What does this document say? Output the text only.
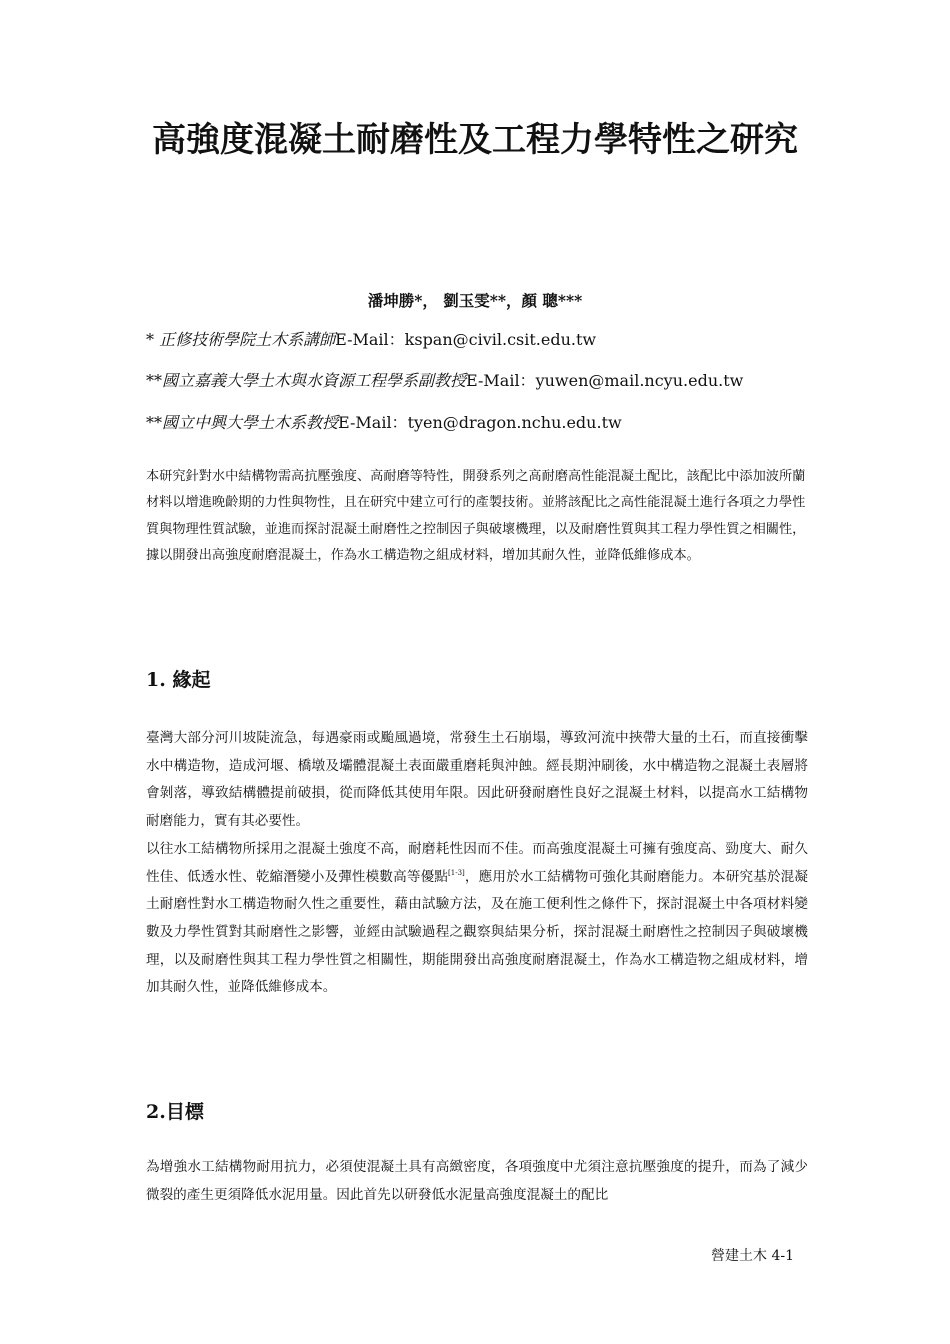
高強度混凝土耐磨性及工程力學特性之研究
潘坤勝*， 劉玉雯**，顏 聰***
* 正修技術學院土木系講師E-Mail：kspan@civil.csit.edu.tw
**國立嘉義大學土木與水資源工程學系副教授E-Mail：yuwen@mail.ncyu.edu.tw
**國立中興大學土木系教授E-Mail：tyen@dragon.nchu.edu.tw

本研究針對水中結構物需高抗壓強度、高耐磨等特性，開發系列之高耐磨高性能混凝土配比，該配比中添加波所蘭材料以增進晚齡期的力性與物性，且在研究中建立可行的產製技術。並將該配比之高性能混凝土進行各項之力學性質與物理性質試驗，並進而探討混凝土耐磨性之控制因子與破壞機理，以及耐磨性質與其工程力學性質之相關性，據以開發出高強度耐磨混凝土，作為水工構造物之組成材料，增加其耐久性，並降低維修成本。

1. 緣起

臺灣大部分河川坡陡流急，每遇豪雨或颱風過境，常發生土石崩塌，導致河流中挾帶大量的土石，而直接衝擊水中構造物，造成河堰、橋墩及壩體混凝土表面嚴重磨耗與沖蝕。經長期沖刷後，水中構造物之混凝土表層將會剝落，導致結構體提前破損，從而降低其使用年限。因此研發耐磨性良好之混凝土材料，以提高水工結構物耐磨能力，實有其必要性。

以往水工結構物所採用之混凝土強度不高，耐磨耗性因而不佳。而高強度混凝土可擁有強度高、勁度大、耐久性佳、低透水性、乾縮潛變小及彈性模數高等優點[1-3]，應用於水工結構物可強化其耐磨能力。本研究基於混凝土耐磨性對水工構造物耐久性之重要性，藉由試驗方法，及在施工便利性之條件下，探討混凝土中各項材料變數及力學性質對其耐磨性之影響，並經由試驗過程之觀察與結果分析，探討混凝土耐磨性之控制因子與破壞機理，以及耐磨性與其工程力學性質之相關性，期能開發出高強度耐磨混凝土，作為水工構造物之組成材料，增加其耐久性，並降低維修成本。

2.目標

為增強水工結構物耐用抗力，必須使混凝土具有高緻密度，各項強度中尤須注意抗壓強度的提升，而為了減少微裂的產生更須降低水泥用量。因此首先以研發低水泥量高強度混凝土的配比

營建土木 4-1
